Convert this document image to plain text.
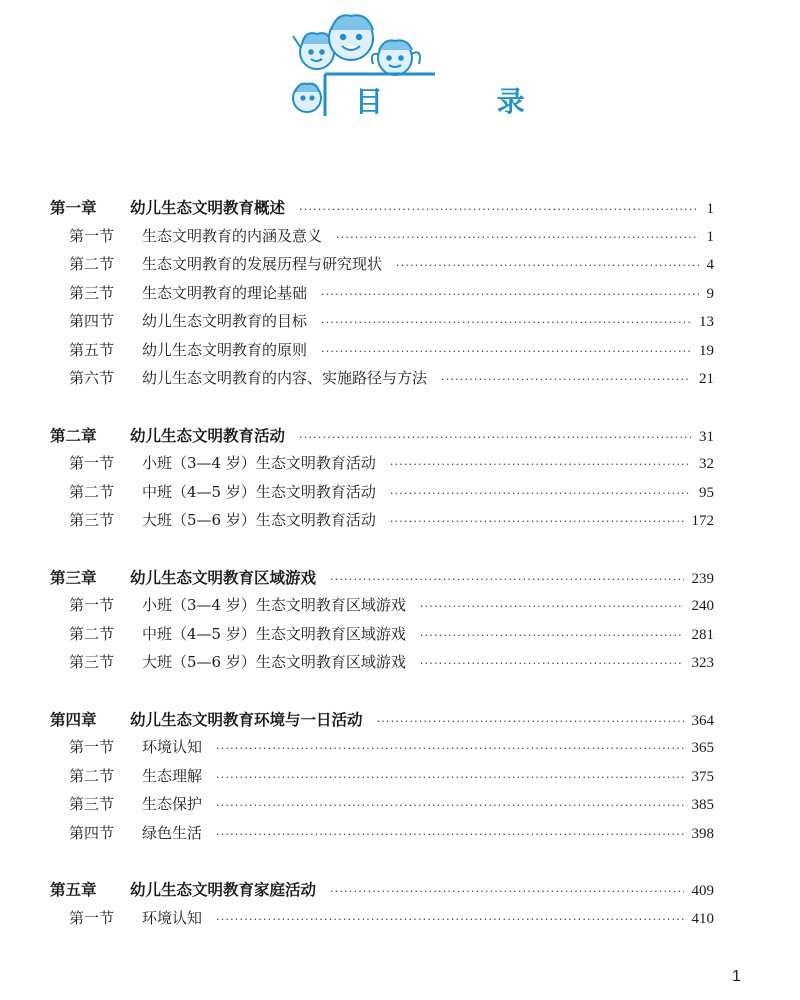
目 录
第一章	幼儿生态文明教育概述 ·····	1
第一节	生态文明教育的内涵及意义 ·····	1
第二节	生态文明教育的发展历程与研究现状 ·····	4
第三节	生态文明教育的理论基础 ·····	9
第四节	幼儿生态文明教育的目标 ·····	13
第五节	幼儿生态文明教育的原则 ·····	19
第六节	幼儿生态文明教育的内容、实施路径与方法 ·····	21
第二章	幼儿生态文明教育活动 ·····	31
第一节	小班（3—4 岁）生态文明教育活动 ·····	32
第二节	中班（4—5 岁）生态文明教育活动 ·····	95
第三节	大班（5—6 岁）生态文明教育活动 ·····	172
第三章	幼儿生态文明教育区域游戏 ·····	239
第一节	小班（3—4 岁）生态文明教育区域游戏 ·····	240
第二节	中班（4—5 岁）生态文明教育区域游戏 ·····	281
第三节	大班（5—6 岁）生态文明教育区域游戏 ·····	323
第四章	幼儿生态文明教育环境与一日活动 ·····	364
第一节	环境认知 ·····	365
第二节	生态理解 ·····	375
第三节	生态保护 ·····	385
第四节	绿色生活 ·····	398
第五章	幼儿生态文明教育家庭活动 ·····	409
第一节	环境认知 ·····	410
1
